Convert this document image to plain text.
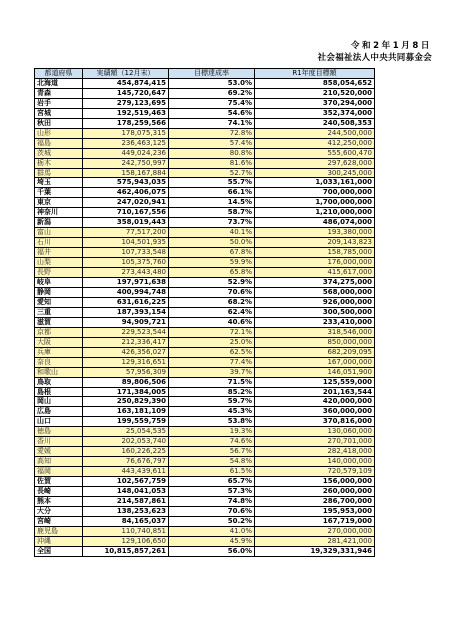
令和2年1月8日
社会福祉法人中央共同募金会
都道府県	実績額（12月末）	目標達成率	R1年度目標額
北海道	454,874,415	53.0%	858,054,652
青森	145,720,647	69.2%	210,520,000
岩手	279,123,695	75.4%	370,294,000
宮城	192,519,463	54.6%	352,374,000
秋田	178,259,566	74.1%	240,508,353
山形	178,075,315	72.8%	244,500,000
福島	236,463,125	57.4%	412,250,000
茨城	449,024,236	80.8%	555,600,470
栃木	242,750,997	81.6%	297,628,000
群馬	158,167,884	52.7%	300,245,000
埼玉	575,943,035	55.7%	1,033,161,000
千葉	462,406,075	66.1%	700,000,000
東京	247,020,941	14.5%	1,700,000,000
神奈川	710,167,556	58.7%	1,210,000,000
新潟	358,019,443	73.7%	486,074,000
富山	77,517,200	40.1%	193,380,000
石川	104,501,935	50.0%	209,143,823
福井	107,733,548	67.8%	158,785,000
山梨	105,375,760	59.9%	176,000,000
長野	273,443,480	65.8%	415,617,000
岐阜	197,971,638	52.9%	374,275,000
静岡	400,994,748	70.6%	568,000,000
愛知	631,616,225	68.2%	926,000,000
三重	187,393,154	62.4%	300,500,000
滋賀	94,909,721	40.6%	233,410,000
京都	229,523,544	72.1%	318,546,000
大阪	212,336,417	25.0%	850,000,000
兵庫	426,356,027	62.5%	682,209,095
奈良	129,316,651	77.4%	167,000,000
和歌山	57,956,309	39.7%	146,051,900
鳥取	89,806,506	71.5%	125,559,000
島根	171,384,005	85.2%	201,163,544
岡山	250,829,390	59.7%	420,000,000
広島	163,181,109	45.3%	360,000,000
山口	199,559,759	53.8%	370,816,000
徳島	25,054,535	19.3%	130,060,000
香川	202,053,740	74.6%	270,701,000
愛媛	160,226,225	56.7%	282,418,000
高知	76,676,797	54.8%	140,000,000
福岡	443,439,611	61.5%	720,579,109
佐賀	102,567,759	65.7%	156,000,000
長崎	148,041,053	57.3%	260,000,000
熊本	214,587,861	74.8%	286,700,000
大分	138,253,623	70.6%	195,953,000
宮崎	84,165,037	50.2%	167,719,000
鹿児島	110,740,851	41.0%	270,000,000
沖縄	129,106,650	45.9%	281,421,000
全国	10,815,857,261	56.0%	19,329,331,946
